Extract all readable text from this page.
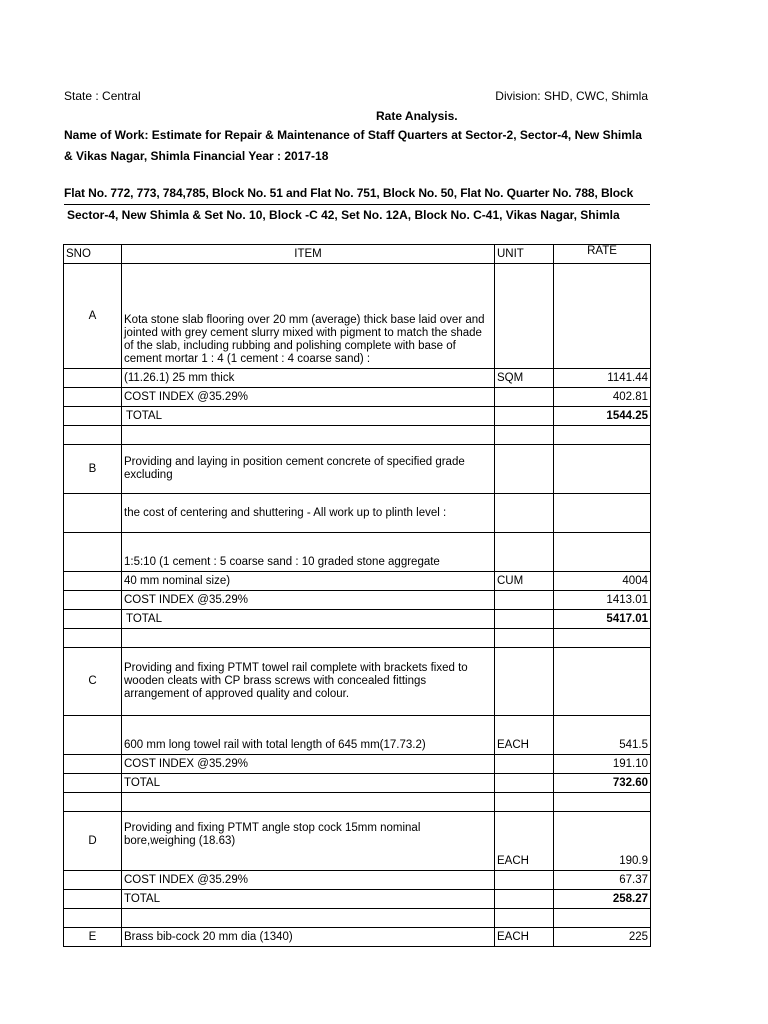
State : Central	Division: SHD, CWC, Shimla
Rate Analysis.
Name of Work: Estimate for Repair & Maintenance of Staff Quarters at Sector-2, Sector-4, New Shimla
& Vikas Nagar, Shimla Financial Year : 2017-18
Flat No. 772, 773, 784,785, Block No. 51 and Flat No. 751, Block No. 50, Flat No. Quarter No. 788, Block
Sector-4, New Shimla & Set No. 10, Block -C 42, Set No. 12A, Block No. C-41, Vikas Nagar, Shimla
SNO	ITEM	UNIT	RATE
A	Kota stone slab flooring over 20 mm (average) thick base laid over and jointed with grey cement slurry mixed with pigment to match the shade of the slab, including rubbing and polishing complete with base of cement mortar 1 : 4 (1 cement : 4 coarse sand) :		
	(11.26.1) 25 mm thick	SQM	1141.44
	COST INDEX @35.29%		402.81
	TOTAL		1544.25

B	Providing and laying in position cement concrete of specified grade excluding		
	the cost of centering and shuttering - All work up to plinth level :		
	1:5:10 (1 cement : 5 coarse sand : 10 graded stone aggregate		
	40 mm nominal size)	CUM	4004
	COST INDEX @35.29%		1413.01
	TOTAL		5417.01

C	Providing and fixing PTMT towel rail complete with brackets fixed to wooden cleats with CP brass screws with concealed fittings arrangement of approved quality and colour.		
	600 mm long towel rail with total length of 645 mm(17.73.2)	EACH	541.5
	COST INDEX @35.29%		191.10
	TOTAL		732.60

D	Providing and fixing PTMT angle stop cock 15mm nominal bore,weighing (18.63)	EACH	190.9
	COST INDEX @35.29%		67.37
	TOTAL		258.27

E	Brass bib-cock 20 mm dia (1340)	EACH	225
